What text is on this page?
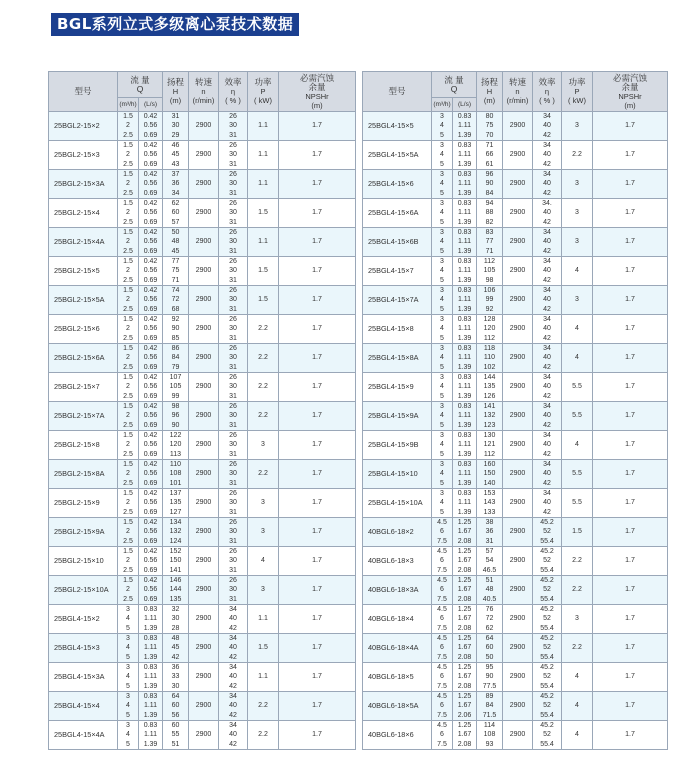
BGL系列立式多级离心泵技术数据
型号	流 量
Q		扬程
H
(m)	转速
n
(r/min)	效率
η
( % )	功率
P
( kW)	必需汽蚀
余量
NPSHr
(m)

	(m³/h)	(L/s)					
25BGL2-15×2	1.5
2
2.5	0.42
0.56
0.69	31
30
29	2900	26
30
31	1.1	1.7
25BGL2-15×3	1.5
2
2.5	0.42
0.56
0.69	46
45
43	2900	26
30
31	1.1	1.7
25BGL2-15×3A	1.5
2
2.5	0.42
0.56
0.69	37
36
34	2900	26
30
31	1.1	1.7
25BGL2-15×4	1.5
2
2.5	0.42
0.56
0.69	62
60
57	2900	26
30
31	1.5	1.7
25BGL2-15×4A	1.5
2
2.5	0.42
0.56
0.69	50
48
45	2900	26
30
31	1.1	1.7
25BGL2-15×5	1.5
2
2.5	0.42
0.56
0.69	77
75
71	2900	26
30
31	1.5	1.7
25BGL2-15×5A	1.5
2
2.5	0.42
0.56
0.69	74
72
68	2900	26
30
31	1.5	1.7
25BGL2-15×6	1.5
2
2.5	0.42
0.56
0.69	92
90
85	2900	26
30
31	2.2	1.7
25BGL2-15×6A	1.5
2
2.5	0.42
0.56
0.69	86
84
79	2900	26
30
31	2.2	1.7
25BGL2-15×7	1.5
2
2.5	0.42
0.56
0.69	107
105
99	2900	26
30
31	2.2	1.7
25BGL2-15×7A	1.5
2
2.5	0.42
0.56
0.69	98
96
90	2900	26
30
31	2.2	1.7
25BGL2-15×8	1.5
2
2.5	0.42
0.56
0.69	122
120
113	2900	26
30
31	3	1.7
25BGL2-15×8A	1.5
2
2.5	0.42
0.56
0.69	110
108
101	2900	26
30
31	2.2	1.7
25BGL2-15×9	1.5
2
2.5	0.42
0.56
0.69	137
135
127	2900	26
30
31	3	1.7
25BGL2-15×9A	1.5
2
2.5	0.42
0.56
0.69	134
132
124	2900	26
30
31	3	1.7
25BGL2-15×10	1.5
2
2.5	0.42
0.56
0.69	152
150
141	2900	26
30
31	4	1.7
25BGL2-15×10A	1.5
2
2.5	0.42
0.56
0.69	146
144
135	2900	26
30
31	3	1.7
25BGL4-15×2	3
4
5	0.83
1.11
1.39	32
30
28	2900	34
40
42	1.1	1.7
25BGL4-15×3	3
4
5	0.83
1.11
1.39	48
45
42	2900	34
40
42	1.5	1.7
25BGL4-15×3A	3
4
5	0.83
1.11
1.39	36
33
30	2900	34
40
42	1.1	1.7
25BGL4-15×4	3
4
5	0.83
1.11
1.39	64
60
56	2900	34
40
42	2.2	1.7
25BGL4-15×4A	3
4
5	0.83
1.11
1.39	60
55
51	2900	34
40
42	2.2	1.7
型号	流 量
Q		扬程
H
(m)	转速
n
(r/min)	效率
η
( % )	功率
P
( kW)	必需汽蚀
余量
NPSHr
(m)

	(m³/h)	(L/s)					
25BGL4-15×5	3
4
5	0.83
1.11
1.39	80
75
70	2900	34
40
42	3	1.7
25BGL4-15×5A	3
4
5	0.83
1.11
1.39	71
66
61	2900	34
40
42	2.2	1.7
25BGL4-15×6	3
4
5	0.83
1.11
1.39	96
90
84	2900	34
40
42	3	1.7
25BGL4-15×6A	3
4
5	0.83
1.11
1.39	94
88
82	2900	34.
40
42	3	1.7
25BGL4-15×6B	3
4
5	0.83
1.11
1.39	83
77
71	2900	34
40
42	3	1.7
25BGL4-15×7	3
4
5	0.83
1.11
1.39	112
105
98	2900	34
40
42	4	1.7
25BGL4-15×7A	3
4
5	0.83
1.11
1.39	106
99
92	2900	34
40
42	3	1.7
25BGL4-15×8	3
4
5	0.83
1.11
1.39	128
120
112	2900	34
40
42	4	1.7
25BGL4-15×8A	3
4
5	0.83
1.11
1.39	118
110
102	2900	34
40
42	4	1.7
25BGL4-15×9	3
4
5	0.83
1.11
1.39	144
135
126	2900	34
40
42	5.5	1.7
25BGL4-15×9A	3
4
5	0.83
1.11
1.39	141
132
123	2900	34
40
42	5.5	1.7
25BGL4-15×9B	3
4
5	0.83
1.11
1.39	130
121
112	2900	34
40
42	4	1.7
25BGL4-15×10	3
4
5	0.83
1.11
1.39	160
150
140	2900	34
40
42	5.5	1.7
25BGL4-15×10A	3
4
5	0.83
1.11
1.39	153
143
133	2900	34
40
42	5.5	1.7
40BGL6-18×2	4.5
6
7.5	1.25
1.67
2.08	38
36
31	2900	45.2
52
55.4	1.5	1.7
40BGL6-18×3	4.5
6
7.5	1.25
1.67
2.08	57
54
46.5	2900	45.2
52
55.4	2.2	1.7
40BGL6-18×3A	4.5
6
7.5	1.25
1.67
2.08	51
48
40.5	2900	45.2
52
55.4	2.2	1.7
40BGL6-18×4	4.5
6
7.5	1.25
1.67
2.08	76
72
62	2900	45.2
52
55.4	3	1.7
40BGL6-18×4A	4.5
6
7.5	1.25
1.67
2.08	64
60
50	2900	45.2
52
55.4	2.2	1.7
40BGL6-18×5	4.5
6
7.5	1.25
1.67
2.08	95
90
77.5	2900	45.2
52
55.4	4	1.7
40BGL6-18×5A	4.5
6
7.5	1.25
1.67
2.06	89
84
71.5	2900	45.2
52
55.4	4	1.7
40BGL6-18×6	4.5
6
7.5	1.25
1.67
2.08	114
108
93	2900	45.2
52
55.4	4	1.7
